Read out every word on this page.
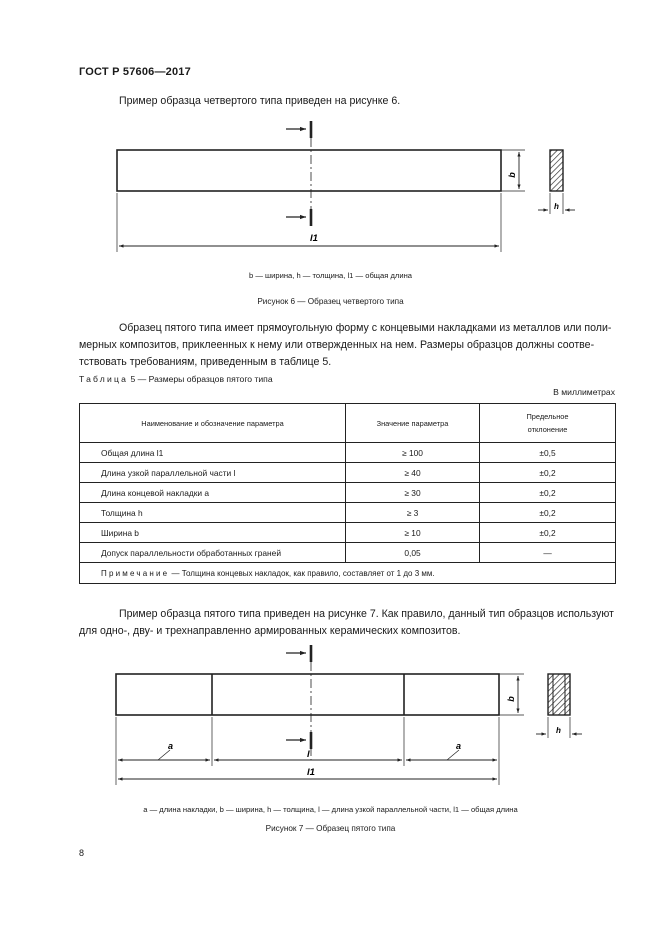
ГОСТ Р 57606—2017
Пример образца четвертого типа приведен на рисунке 6.
b
l1
h
b — ширина, h — толщина, l1 — общая длина
Рисунок 6 — Образец четвертого типа
Образец пятого типа имеет прямоугольную форму с концевыми накладками из металлов или поли-
мерных композитов, приклеенных к нему или отвержденных на нем. Размеры образцов должны соотве-
тствовать требованиям, приведенным в таблице 5.
Таблица 5 — Размеры образцов пятого типа
В миллиметрах
Наименование и обозначение параметра	Значение параметра	Предельное отклонение
Общая длина l1	≥ 100	±0,5
Длина узкой параллельной части l	≥ 40	±0,2
Длина концевой накладки a	≥ 30	±0,2
Толщина h	≥ 3	±0,2
Ширина b	≥ 10	±0,2
Допуск параллельности обработанных граней	0,05	—
Примечание — Толщина концевых накладок, как правило, составляет от 1 до 3 мм.		
Пример образца пятого типа приведен на рисунке 7. Как правило, данный тип образцов используют
для одно-, дву- и трехнаправленно армированных керамических композитов.
b
a
l
a
l1
h
a — длина накладки, b — ширина, h — толщина, l — длина узкой параллельной части, l1 — общая длина
Рисунок 7 — Образец пятого типа
8
